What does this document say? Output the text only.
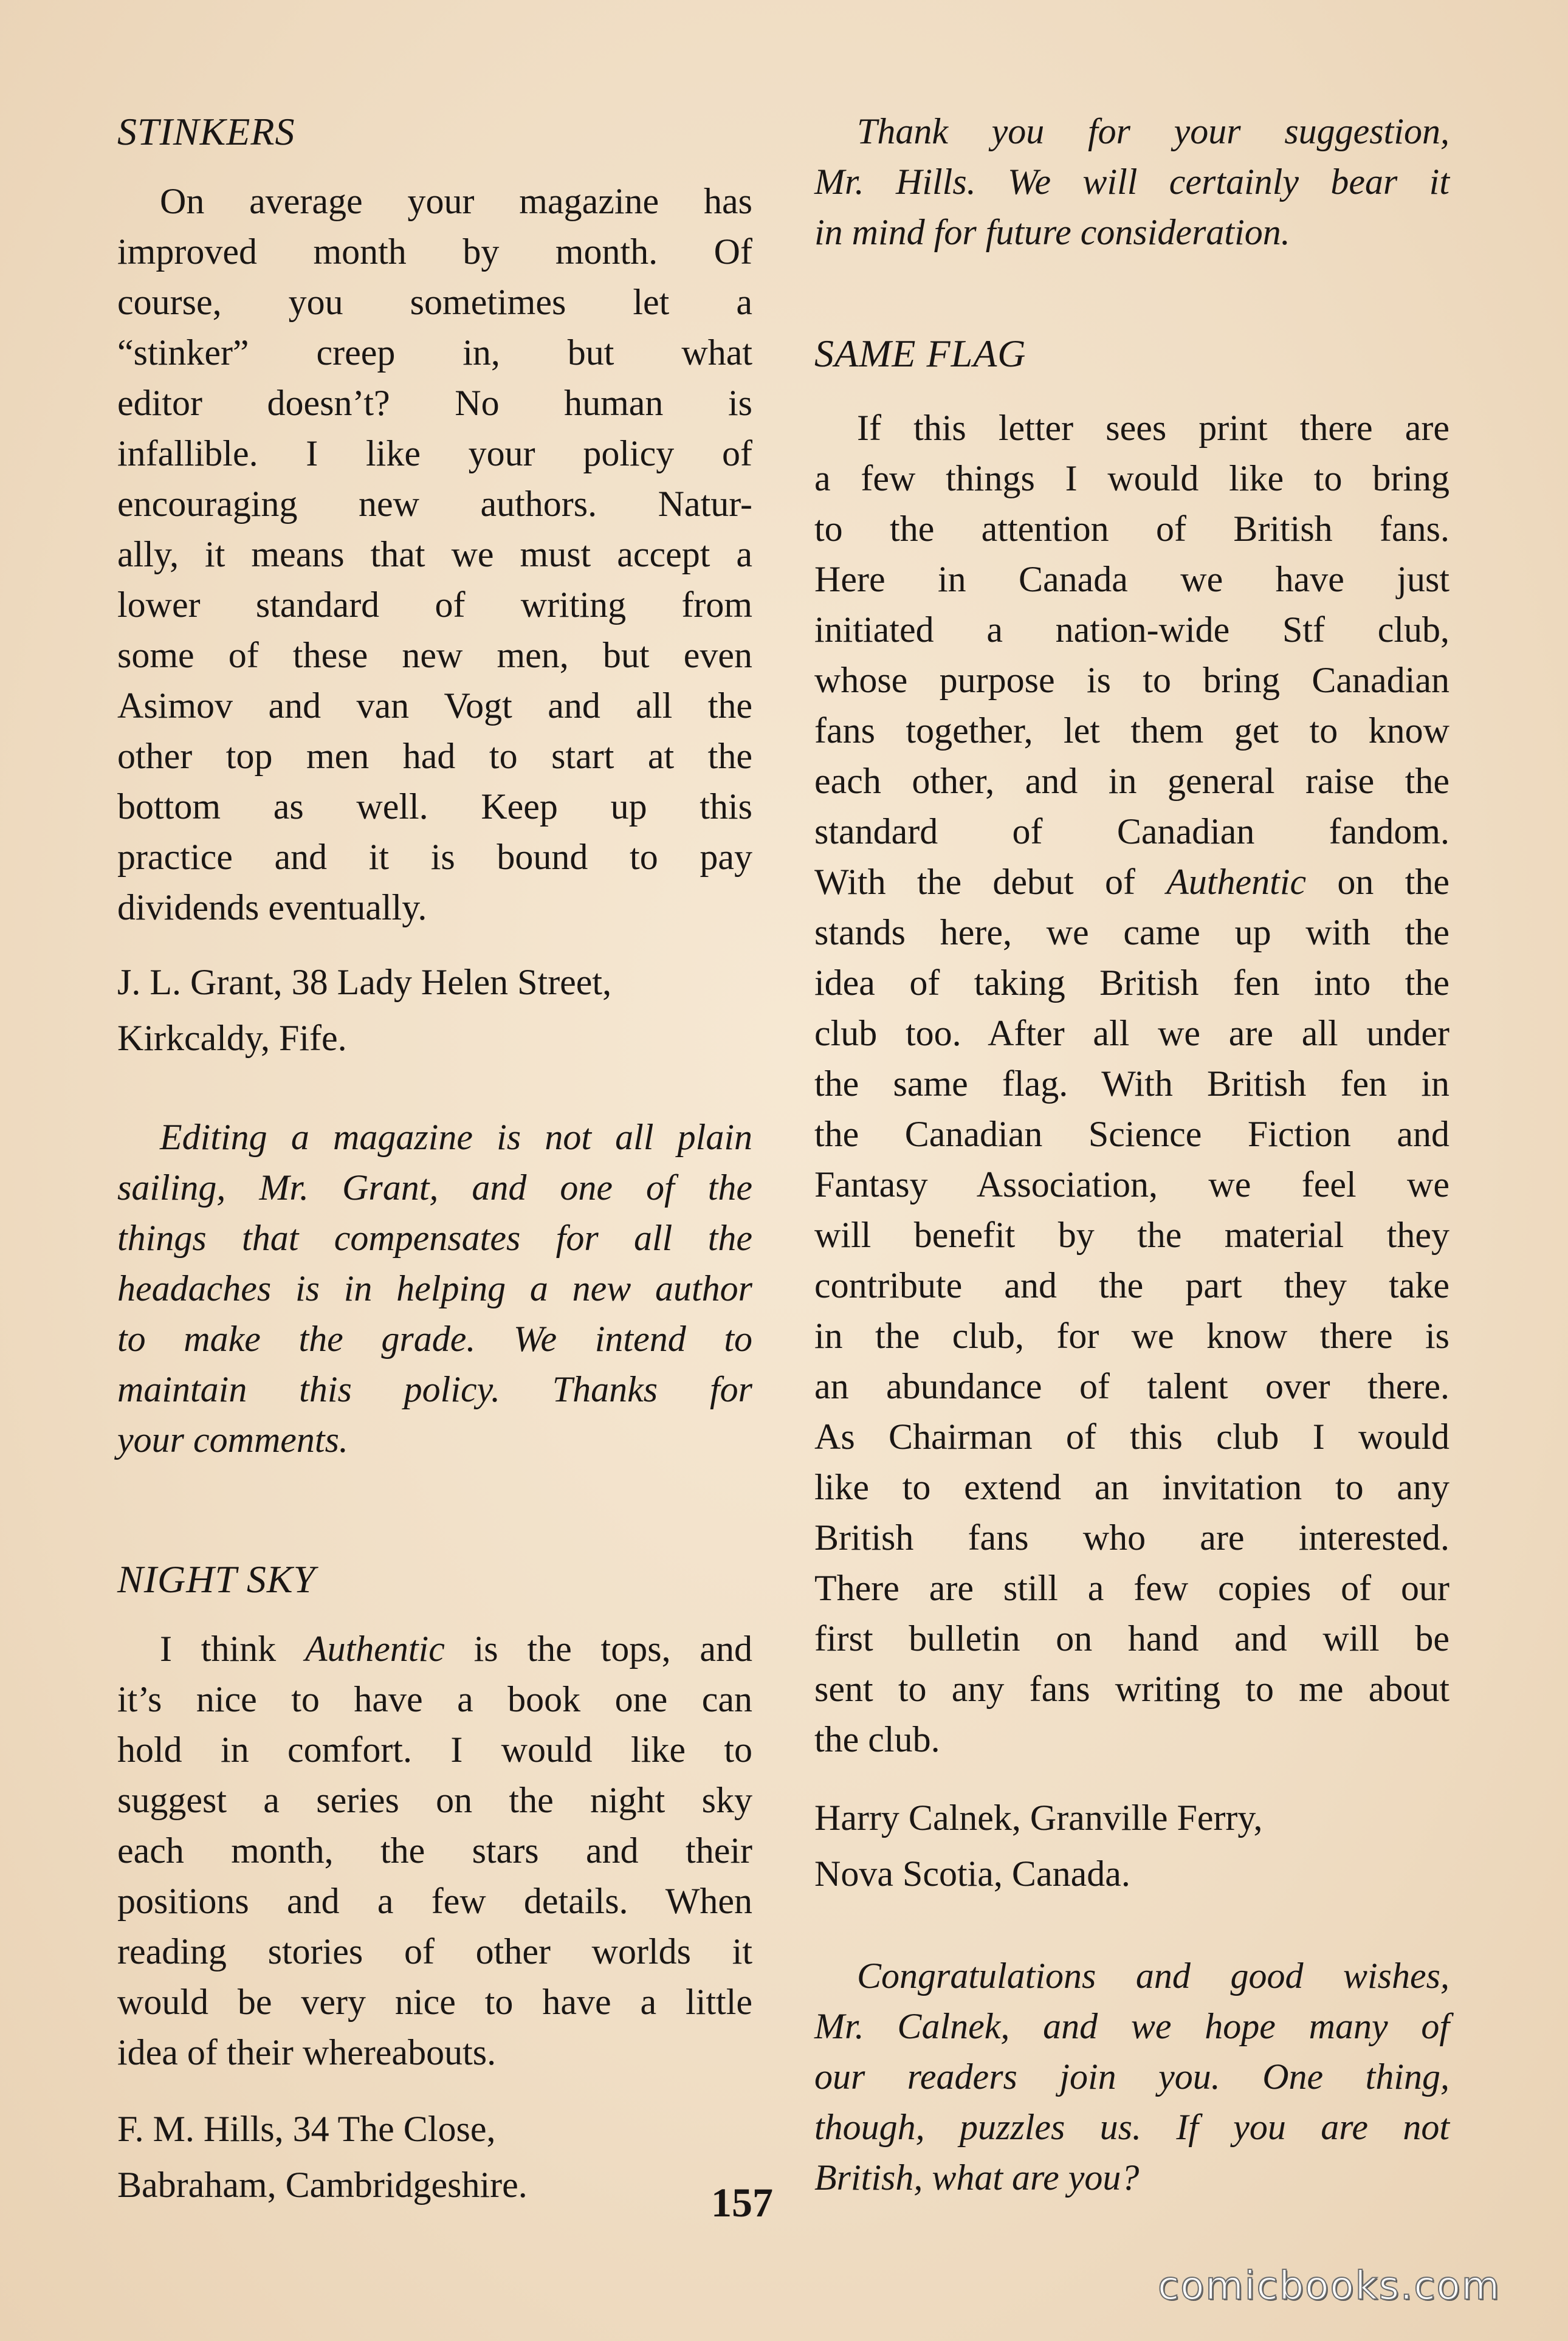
STINKERS
On average your magazine has
improved month by month. Of
course, you sometimes let a
“stinker” creep in, but what
editor doesn’t? No human is
infallible. I like your policy of
encouraging new authors. Natur-
ally, it means that we must accept a
lower standard of writing from
some of these new men, but even
Asimov and van Vogt and all the
other top men had to start at the
bottom as well. Keep up this
practice and it is bound to pay
dividends eventually.
J. L. Grant, 38 Lady Helen Street,
Kirkcaldy, Fife.
Editing a magazine is not all plain
sailing, Mr. Grant, and one of the
things that compensates for all the
headaches is in helping a new author
to make the grade. We intend to
maintain this policy. Thanks for
your comments.
NIGHT SKY
I think Authentic is the tops, and
it’s nice to have a book one can
hold in comfort. I would like to
suggest a series on the night sky
each month, the stars and their
positions and a few details. When
reading stories of other worlds it
would be very nice to have a little
idea of their whereabouts.
F. M. Hills, 34 The Close,
Babraham, Cambridgeshire.
Thank you for your suggestion,
Mr. Hills. We will certainly bear it
in mind for future consideration.
SAME FLAG
If this letter sees print there are
a few things I would like to bring
to the attention of British fans.
Here in Canada we have just
initiated a nation-wide Stf club,
whose purpose is to bring Canadian
fans together, let them get to know
each other, and in general raise the
standard of Canadian fandom.
With the debut of Authentic on the
stands here, we came up with the
idea of taking British fen into the
club too. After all we are all under
the same flag. With British fen in
the Canadian Science Fiction and
Fantasy Association, we feel we
will benefit by the material they
contribute and the part they take
in the club, for we know there is
an abundance of talent over there.
As Chairman of this club I would
like to extend an invitation to any
British fans who are interested.
There are still a few copies of our
first bulletin on hand and will be
sent to any fans writing to me about
the club.
Harry Calnek, Granville Ferry,
Nova Scotia, Canada.
Congratulations and good wishes,
Mr. Calnek, and we hope many of
our readers join you. One thing,
though, puzzles us. If you are not
British, what are you?
157
comicbooks.com
